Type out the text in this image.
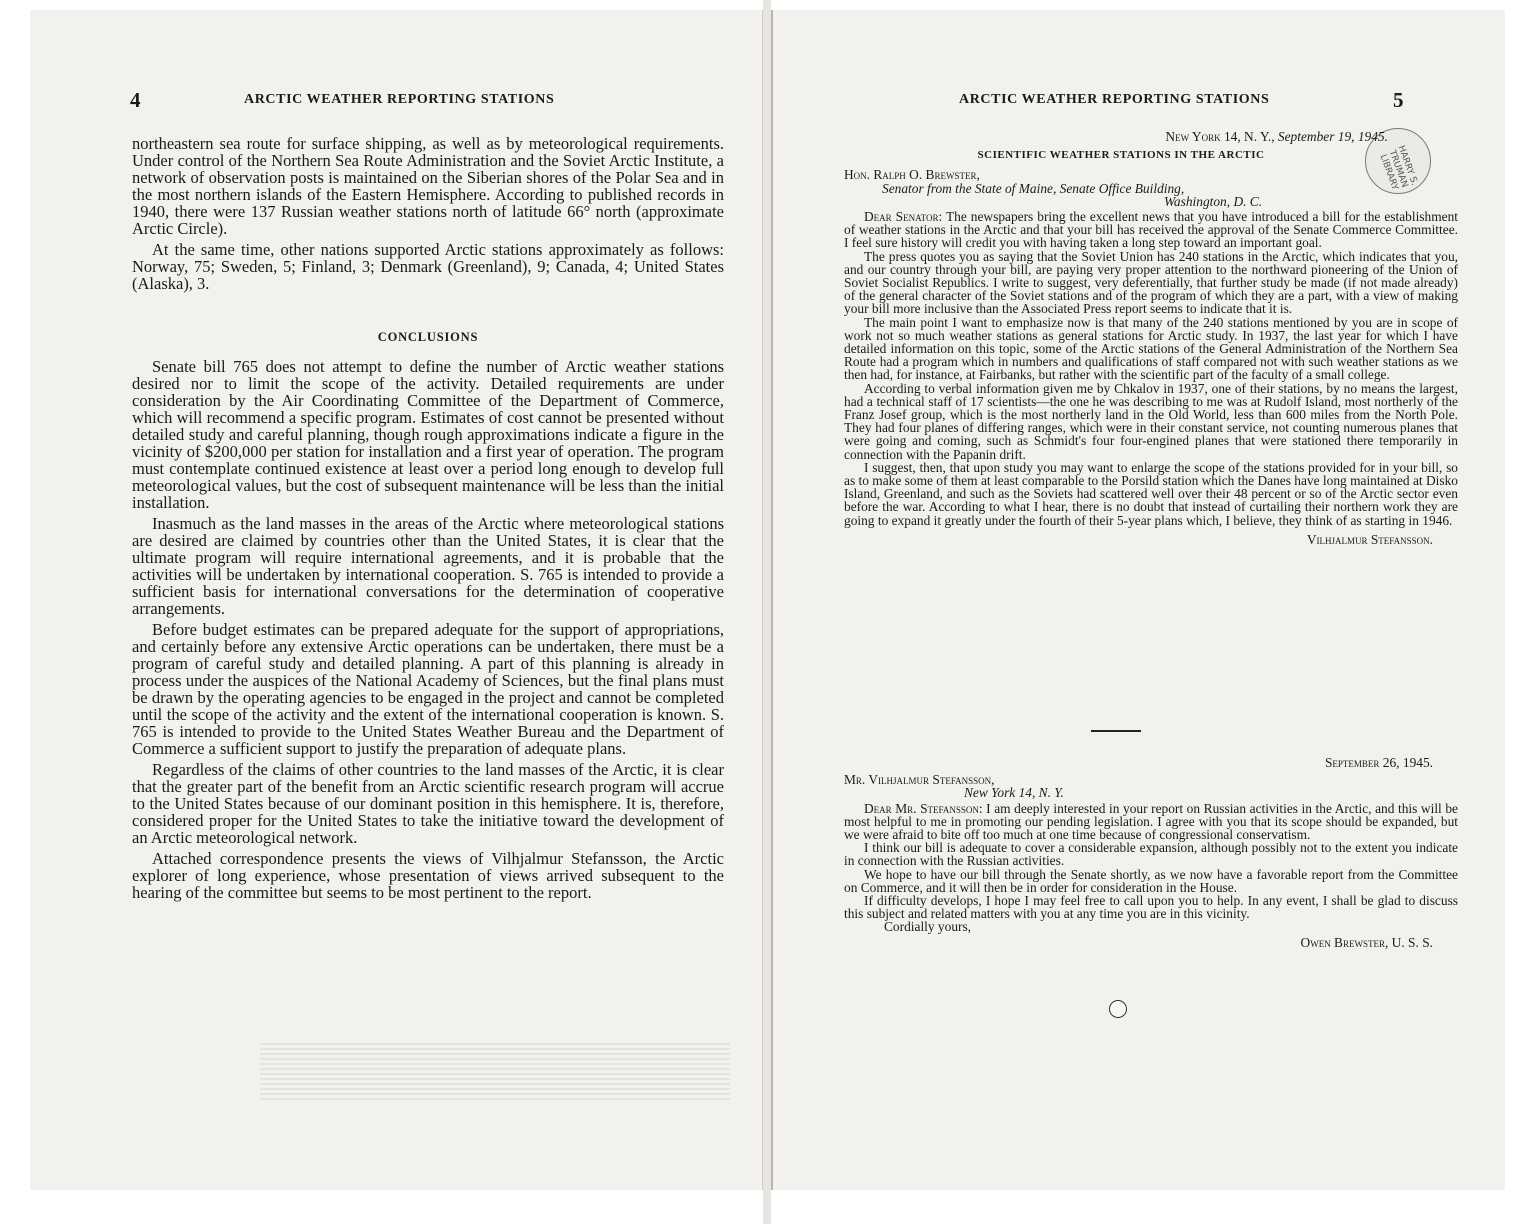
4	ARCTIC WEATHER REPORTING STATIONS

northeastern sea route for surface shipping, as well as by meteorological requirements. Under control of the Northern Sea Route Administration and the Soviet Arctic Institute, a network of observation posts is maintained on the Siberian shores of the Polar Sea and in the most northern islands of the Eastern Hemisphere. According to published records in 1940, there were 137 Russian weather stations north of latitude 66° north (approximate Arctic Circle).

At the same time, other nations supported Arctic stations approximately as follows: Norway, 75; Sweden, 5; Finland, 3; Denmark (Greenland), 9; Canada, 4; United States (Alaska), 3.

CONCLUSIONS

Senate bill 765 does not attempt to define the number of Arctic weather stations desired nor to limit the scope of the activity. Detailed requirements are under consideration by the Air Coordinating Committee of the Department of Commerce, which will recommend a specific program. Estimates of cost cannot be presented without detailed study and careful planning, though rough approximations indicate a figure in the vicinity of $200,000 per station for installation and a first year of operation. The program must contemplate continued existence at least over a period long enough to develop full meteorological values, but the cost of subsequent maintenance will be less than the initial installation.

Inasmuch as the land masses in the areas of the Arctic where meteorological stations are desired are claimed by countries other than the United States, it is clear that the ultimate program will require international agreements, and it is probable that the activities will be undertaken by international cooperation. S. 765 is intended to provide a sufficient basis for international conversations for the determination of cooperative arrangements.

Before budget estimates can be prepared adequate for the support of appropriations, and certainly before any extensive Arctic operations can be undertaken, there must be a program of careful study and detailed planning. A part of this planning is already in process under the auspices of the National Academy of Sciences, but the final plans must be drawn by the operating agencies to be engaged in the project and cannot be completed until the scope of the activity and the extent of the international cooperation is known. S. 765 is intended to provide to the United States Weather Bureau and the Department of Commerce a sufficient support to justify the preparation of adequate plans.

Regardless of the claims of other countries to the land masses of the Arctic, it is clear that the greater part of the benefit from an Arctic scientific research program will accrue to the United States because of our dominant position in this hemisphere. It is, therefore, considered proper for the United States to take the initiative toward the development of an Arctic meteorological network.

Attached correspondence presents the views of Vilhjalmur Stefansson, the Arctic explorer of long experience, whose presentation of views arrived subsequent to the hearing of the committee but seems to be most pertinent to the report.

ARCTIC WEATHER REPORTING STATIONS	5
HARRY S. TRUMAN LIBRARY
New York 14, N. Y., September 19, 1945.
SCIENTIFIC WEATHER STATIONS IN THE ARCTIC
Hon. Ralph O. Brewster,
Senator from the State of Maine, Senate Office Building,
Washington, D. C.

Dear Senator: The newspapers bring the excellent news that you have introduced a bill for the establishment of weather stations in the Arctic and that your bill has received the approval of the Senate Commerce Committee. I feel sure history will credit you with having taken a long step toward an important goal.

The press quotes you as saying that the Soviet Union has 240 stations in the Arctic, which indicates that you, and our country through your bill, are paying very proper attention to the northward pioneering of the Union of Soviet Socialist Republics. I write to suggest, very deferentially, that further study be made (if not made already) of the general character of the Soviet stations and of the program of which they are a part, with a view of making your bill more inclusive than the Associated Press report seems to indicate that it is.

The main point I want to emphasize now is that many of the 240 stations mentioned by you are in scope of work not so much weather stations as general stations for Arctic study. In 1937, the last year for which I have detailed information on this topic, some of the Arctic stations of the General Administration of the Northern Sea Route had a program which in numbers and qualifications of staff compared not with such weather stations as we then had, for instance, at Fairbanks, but rather with the scientific part of the faculty of a small college.

According to verbal information given me by Chkalov in 1937, one of their stations, by no means the largest, had a technical staff of 17 scientists—the one he was describing to me was at Rudolf Island, most northerly of the Franz Josef group, which is the most northerly land in the Old World, less than 600 miles from the North Pole. They had four planes of differing ranges, which were in their constant service, not counting numerous planes that were going and coming, such as Schmidt's four four-engined planes that were stationed there temporarily in connection with the Papanin drift.

I suggest, then, that upon study you may want to enlarge the scope of the stations provided for in your bill, so as to make some of them at least comparable to the Porsild station which the Danes have long maintained at Disko Island, Greenland, and such as the Soviets had scattered well over their 48 percent or so of the Arctic sector even before the war. According to what I hear, there is no doubt that instead of curtailing their northern work they are going to expand it greatly under the fourth of their 5-year plans which, I believe, they think of as starting in 1946.

Vilhjalmur Stefansson.
September 26, 1945.
Mr. Vilhjalmur Stefansson,
New York 14, N. Y.

Dear Mr. Stefansson: I am deeply interested in your report on Russian activities in the Arctic, and this will be most helpful to me in promoting our pending legislation. I agree with you that its scope should be expanded, but we were afraid to bite off too much at one time because of congressional conservatism.

I think our bill is adequate to cover a considerable expansion, although possibly not to the extent you indicate in connection with the Russian activities.

We hope to have our bill through the Senate shortly, as we now have a favorable report from the Committee on Commerce, and it will then be in order for consideration in the House.

If difficulty develops, I hope I may feel free to call upon you to help. In any event, I shall be glad to discuss this subject and related matters with you at any time you are in this vicinity.

Cordially yours,
Owen Brewster, U. S. S.
